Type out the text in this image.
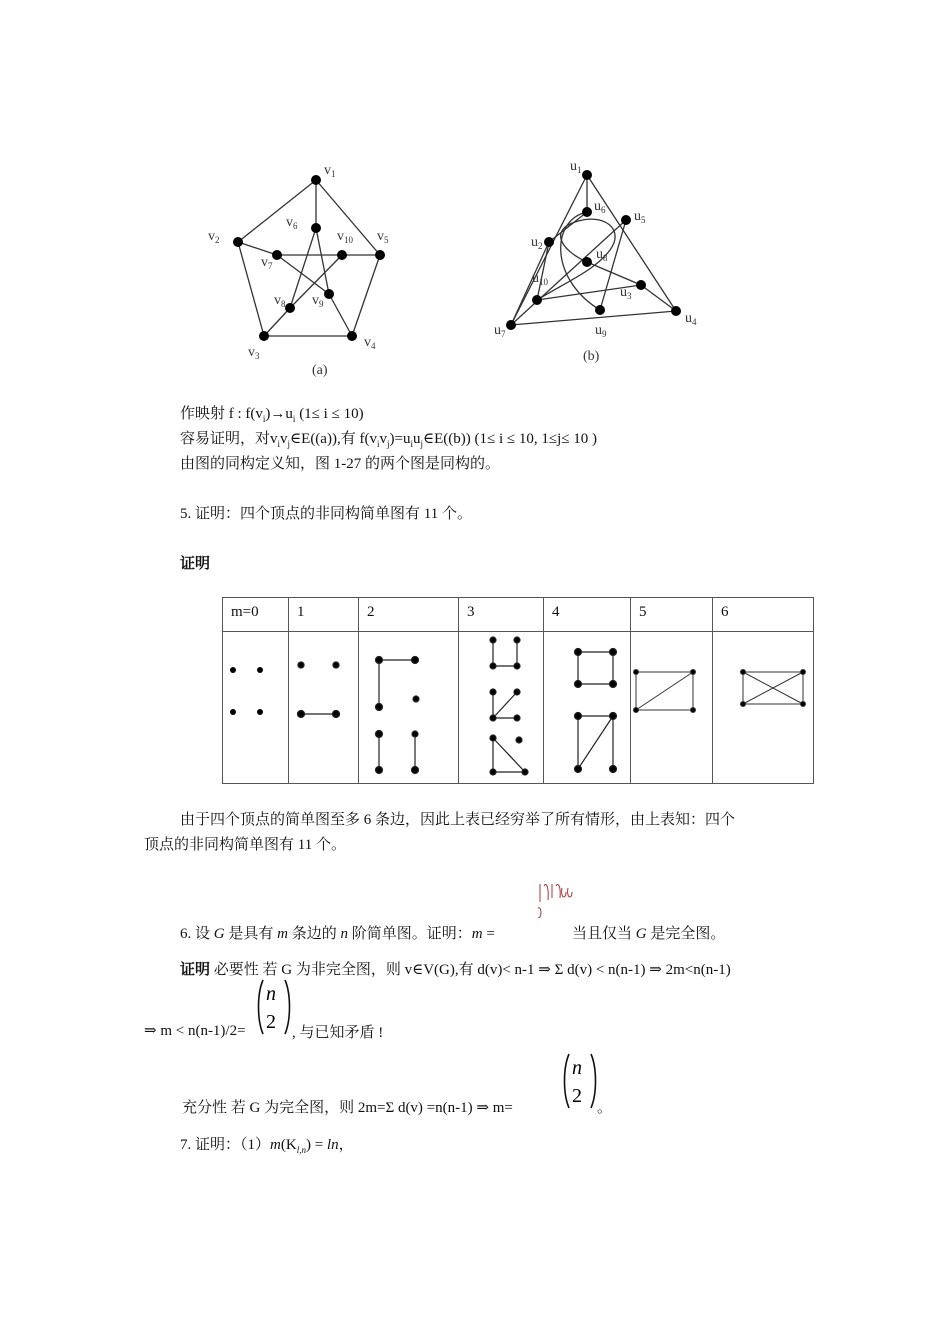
$v_1$
$v_6$
$v_2$	$v_{10}$ $v_5$
$v_7$
$v_8$ $v_9$
$v_3$
$v_4$
(a)
$u_1$
$u_6$ $u_5$
$u_2$
$u_8$
$u_{10}$
$u_3$
$u_4$
$u_7$	$u_9$
(b)
作映射 f : $f(v_i)\to u_i$ (1≤ i ≤ 10)
容易证明，对$v_iv_j\in E((a))$,有 $f(v_iv_j)=u_iu_j\in E((b))$ (1≤ i ≤ 10, 1≤j≤ 10 )
由图的同构定义知，图 1-27 的两个图是同构的。
5. 证明：四个顶点的非同构简单图有 11 个。
证明
m=0	1	2	3	4	5	6

由于四个顶点的简单图至多 6 条边，因此上表已经穷举了所有情形，由上表知：四个
顶点的非同构简单图有 11 个。
6. 设 G 是具有 m 条边的 n 阶简单图。证明：m =	当且仅当 G 是完全图。
证明 必要性 若 G 为非完全图，则 v∈V(G),有 d(v)< n-1 ⇒ Σ d(v) < n(n-1) ⇒ 2m<n(n-1)
n
2
⇒ m < n(n-1)/2=	, 与已知矛盾 !
充分性 若 G 为完全图，则 2m=Σ d(v) =n(n-1) ⇒ m=
n
2
。
7. 证明：$(1)m(K_{l,n}) = \ln$，
